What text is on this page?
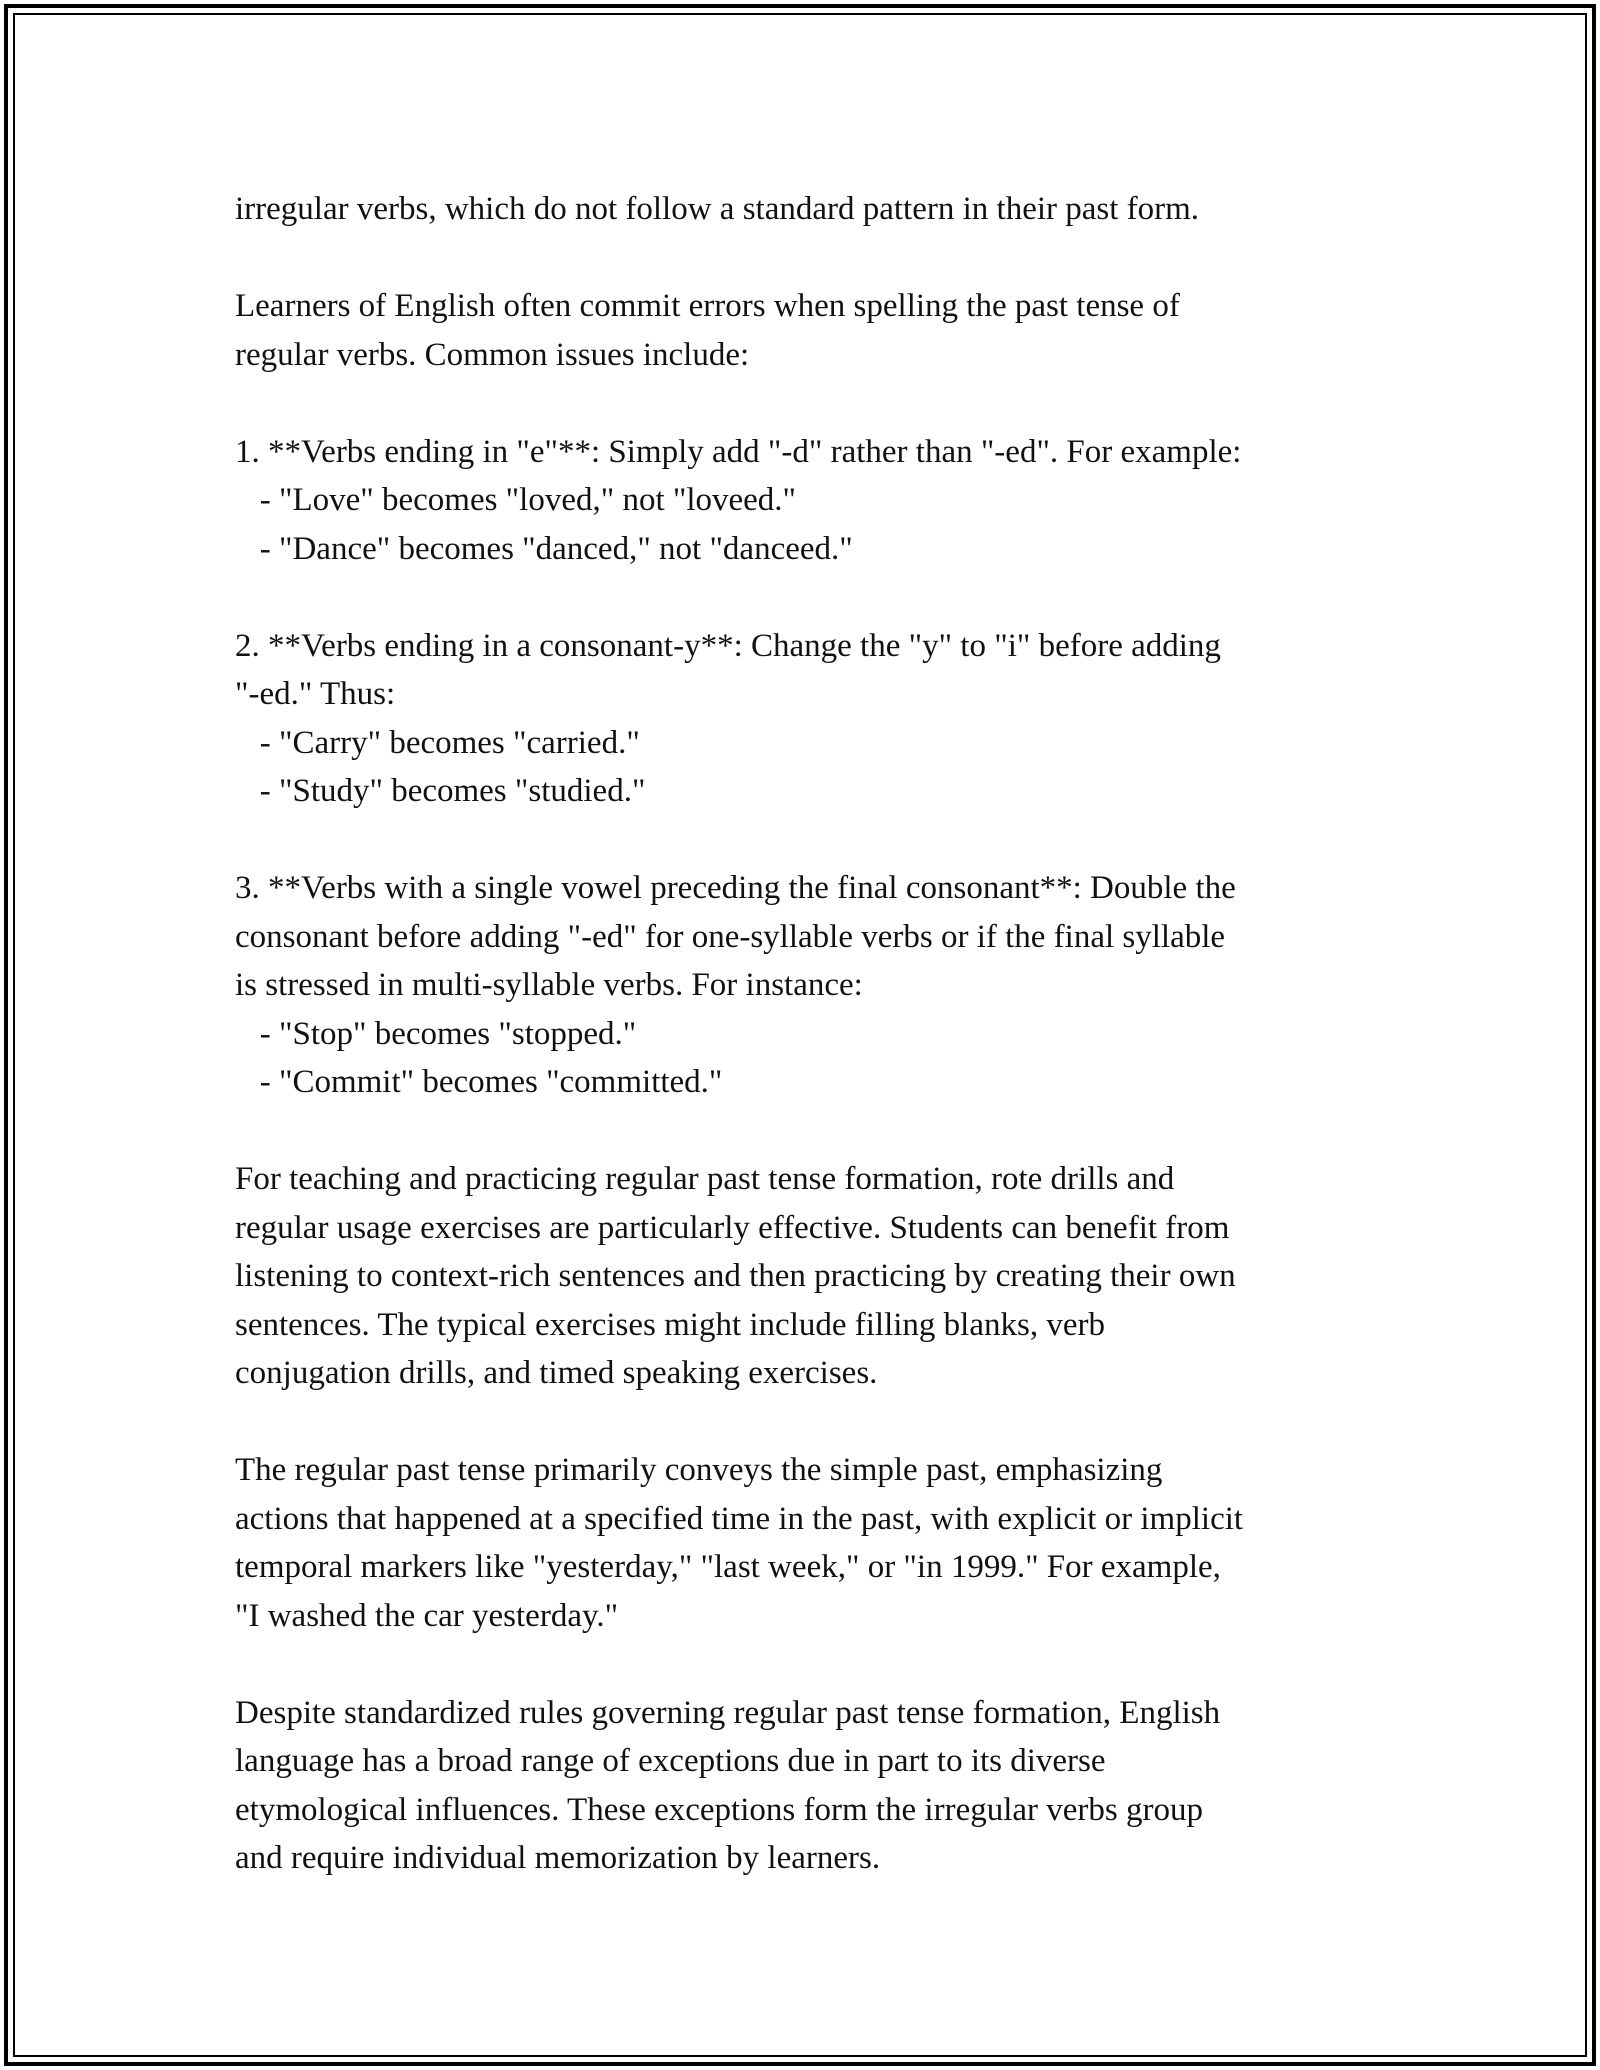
irregular verbs, which do not follow a standard pattern in their past form.
Learners of English often commit errors when spelling the past tense of
regular verbs. Common issues include:
1. **Verbs ending in "e"**: Simply add "-d" rather than "-ed". For example:
- "Love" becomes "loved," not "loveed."
- "Dance" becomes "danced," not "danceed."
2. **Verbs ending in a consonant-y**: Change the "y" to "i" before adding
"-ed." Thus:
- "Carry" becomes "carried."
- "Study" becomes "studied."
3. **Verbs with a single vowel preceding the final consonant**: Double the
consonant before adding "-ed" for one-syllable verbs or if the final syllable
is stressed in multi-syllable verbs. For instance:
- "Stop" becomes "stopped."
- "Commit" becomes "committed."
For teaching and practicing regular past tense formation, rote drills and
regular usage exercises are particularly effective. Students can benefit from
listening to context-rich sentences and then practicing by creating their own
sentences. The typical exercises might include filling blanks, verb
conjugation drills, and timed speaking exercises.
The regular past tense primarily conveys the simple past, emphasizing
actions that happened at a specified time in the past, with explicit or implicit
temporal markers like "yesterday," "last week," or "in 1999." For example,
"I washed the car yesterday."
Despite standardized rules governing regular past tense formation, English
language has a broad range of exceptions due in part to its diverse
etymological influences. These exceptions form the irregular verbs group
and require individual memorization by learners.
